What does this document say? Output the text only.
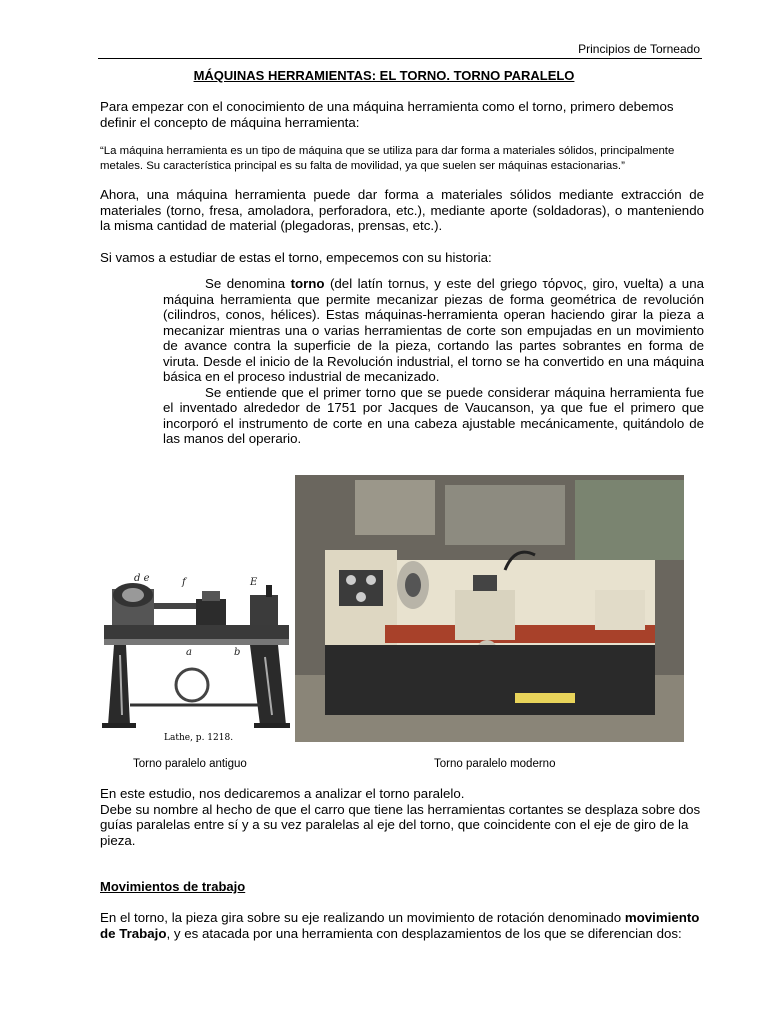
Principios de Torneado
MÁQUINAS HERRAMIENTAS: EL TORNO. TORNO PARALELO
Para empezar con el conocimiento de una máquina herramienta como el torno, primero debemos definir el concepto de máquina herramienta:
“La máquina herramienta es un tipo de máquina que se utiliza para dar forma a materiales sólidos, principalmente metales. Su característica principal es su falta de movilidad, ya que suelen ser máquinas estacionarias.”
Ahora, una máquina herramienta puede dar forma a materiales sólidos mediante extracción de materiales (torno, fresa, amoladora, perforadora, etc.), mediante aporte (soldadoras), o manteniendo la misma cantidad de material (plegadoras, prensas, etc.).
Si vamos a estudiar de estas el torno, empecemos con su historia:
Se denomina torno (del latín tornus, y este del griego τόρνος, giro, vuelta) a una máquina herramienta que permite mecanizar piezas de forma geométrica de revolución (cilindros, conos, hélices). Estas máquinas-herramienta operan haciendo girar la pieza a mecanizar mientras una o varias herramientas de corte son empujadas en un movimiento de avance contra la superficie de la pieza, cortando las partes sobrantes en forma de viruta. Desde el inicio de la Revolución industrial, el torno se ha convertido en una máquina básica en el proceso industrial de mecanizado.
Se entiende que el primer torno que se puede considerar máquina herramienta fue el inventado alrededor de 1751 por Jacques de Vaucanson, ya que fue el primero que incorporó el instrumento de corte en una cabeza ajustable mecánicamente, quitándolo de las manos del operario.
d e	f	E
a	b
Lathe, p. 1218.
Torno paralelo antiguo	Torno paralelo moderno
En este estudio, nos dedicaremos a analizar el torno paralelo.
Debe su nombre al hecho de que el carro que tiene las herramientas cortantes se desplaza sobre dos guías paralelas entre sí y a su vez paralelas al eje del torno, que coincidente con el eje de giro de la pieza.
Movimientos de trabajo
En el torno, la pieza gira sobre su eje realizando un movimiento de rotación denominado movimiento de Trabajo, y es atacada por una herramienta con desplazamientos de los que se diferencian dos:
